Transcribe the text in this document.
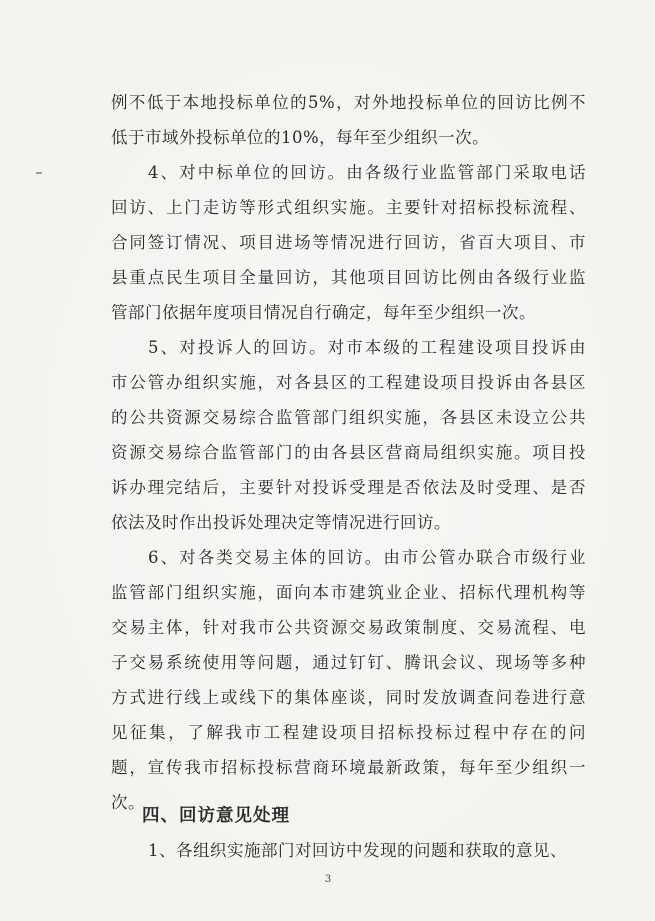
例不低于本地投标单位的5%，对外地投标单位的回访比例不
低于市域外投标单位的10%，每年至少组织一次。
4、对中标单位的回访。由各级行业监管部门采取电话
回访、上门走访等形式组织实施。主要针对招标投标流程、
合同签订情况、项目进场等情况进行回访，省百大项目、市
县重点民生项目全量回访，其他项目回访比例由各级行业监
管部门依据年度项目情况自行确定，每年至少组织一次。
5、对投诉人的回访。对市本级的工程建设项目投诉由
市公管办组织实施，对各县区的工程建设项目投诉由各县区
的公共资源交易综合监管部门组织实施，各县区未设立公共
资源交易综合监管部门的由各县区营商局组织实施。项目投
诉办理完结后，主要针对投诉受理是否依法及时受理、是否
依法及时作出投诉处理决定等情况进行回访。
6、对各类交易主体的回访。由市公管办联合市级行业
监管部门组织实施，面向本市建筑业企业、招标代理机构等
交易主体，针对我市公共资源交易政策制度、交易流程、电
子交易系统使用等问题，通过钉钉、腾讯会议、现场等多种
方式进行线上或线下的集体座谈，同时发放调查问卷进行意
见征集，了解我市工程建设项目招标投标过程中存在的问
题，宣传我市招标投标营商环境最新政策，每年至少组织一
次。
四、回访意见处理
1、各组织实施部门对回访中发现的问题和获取的意见、
3
